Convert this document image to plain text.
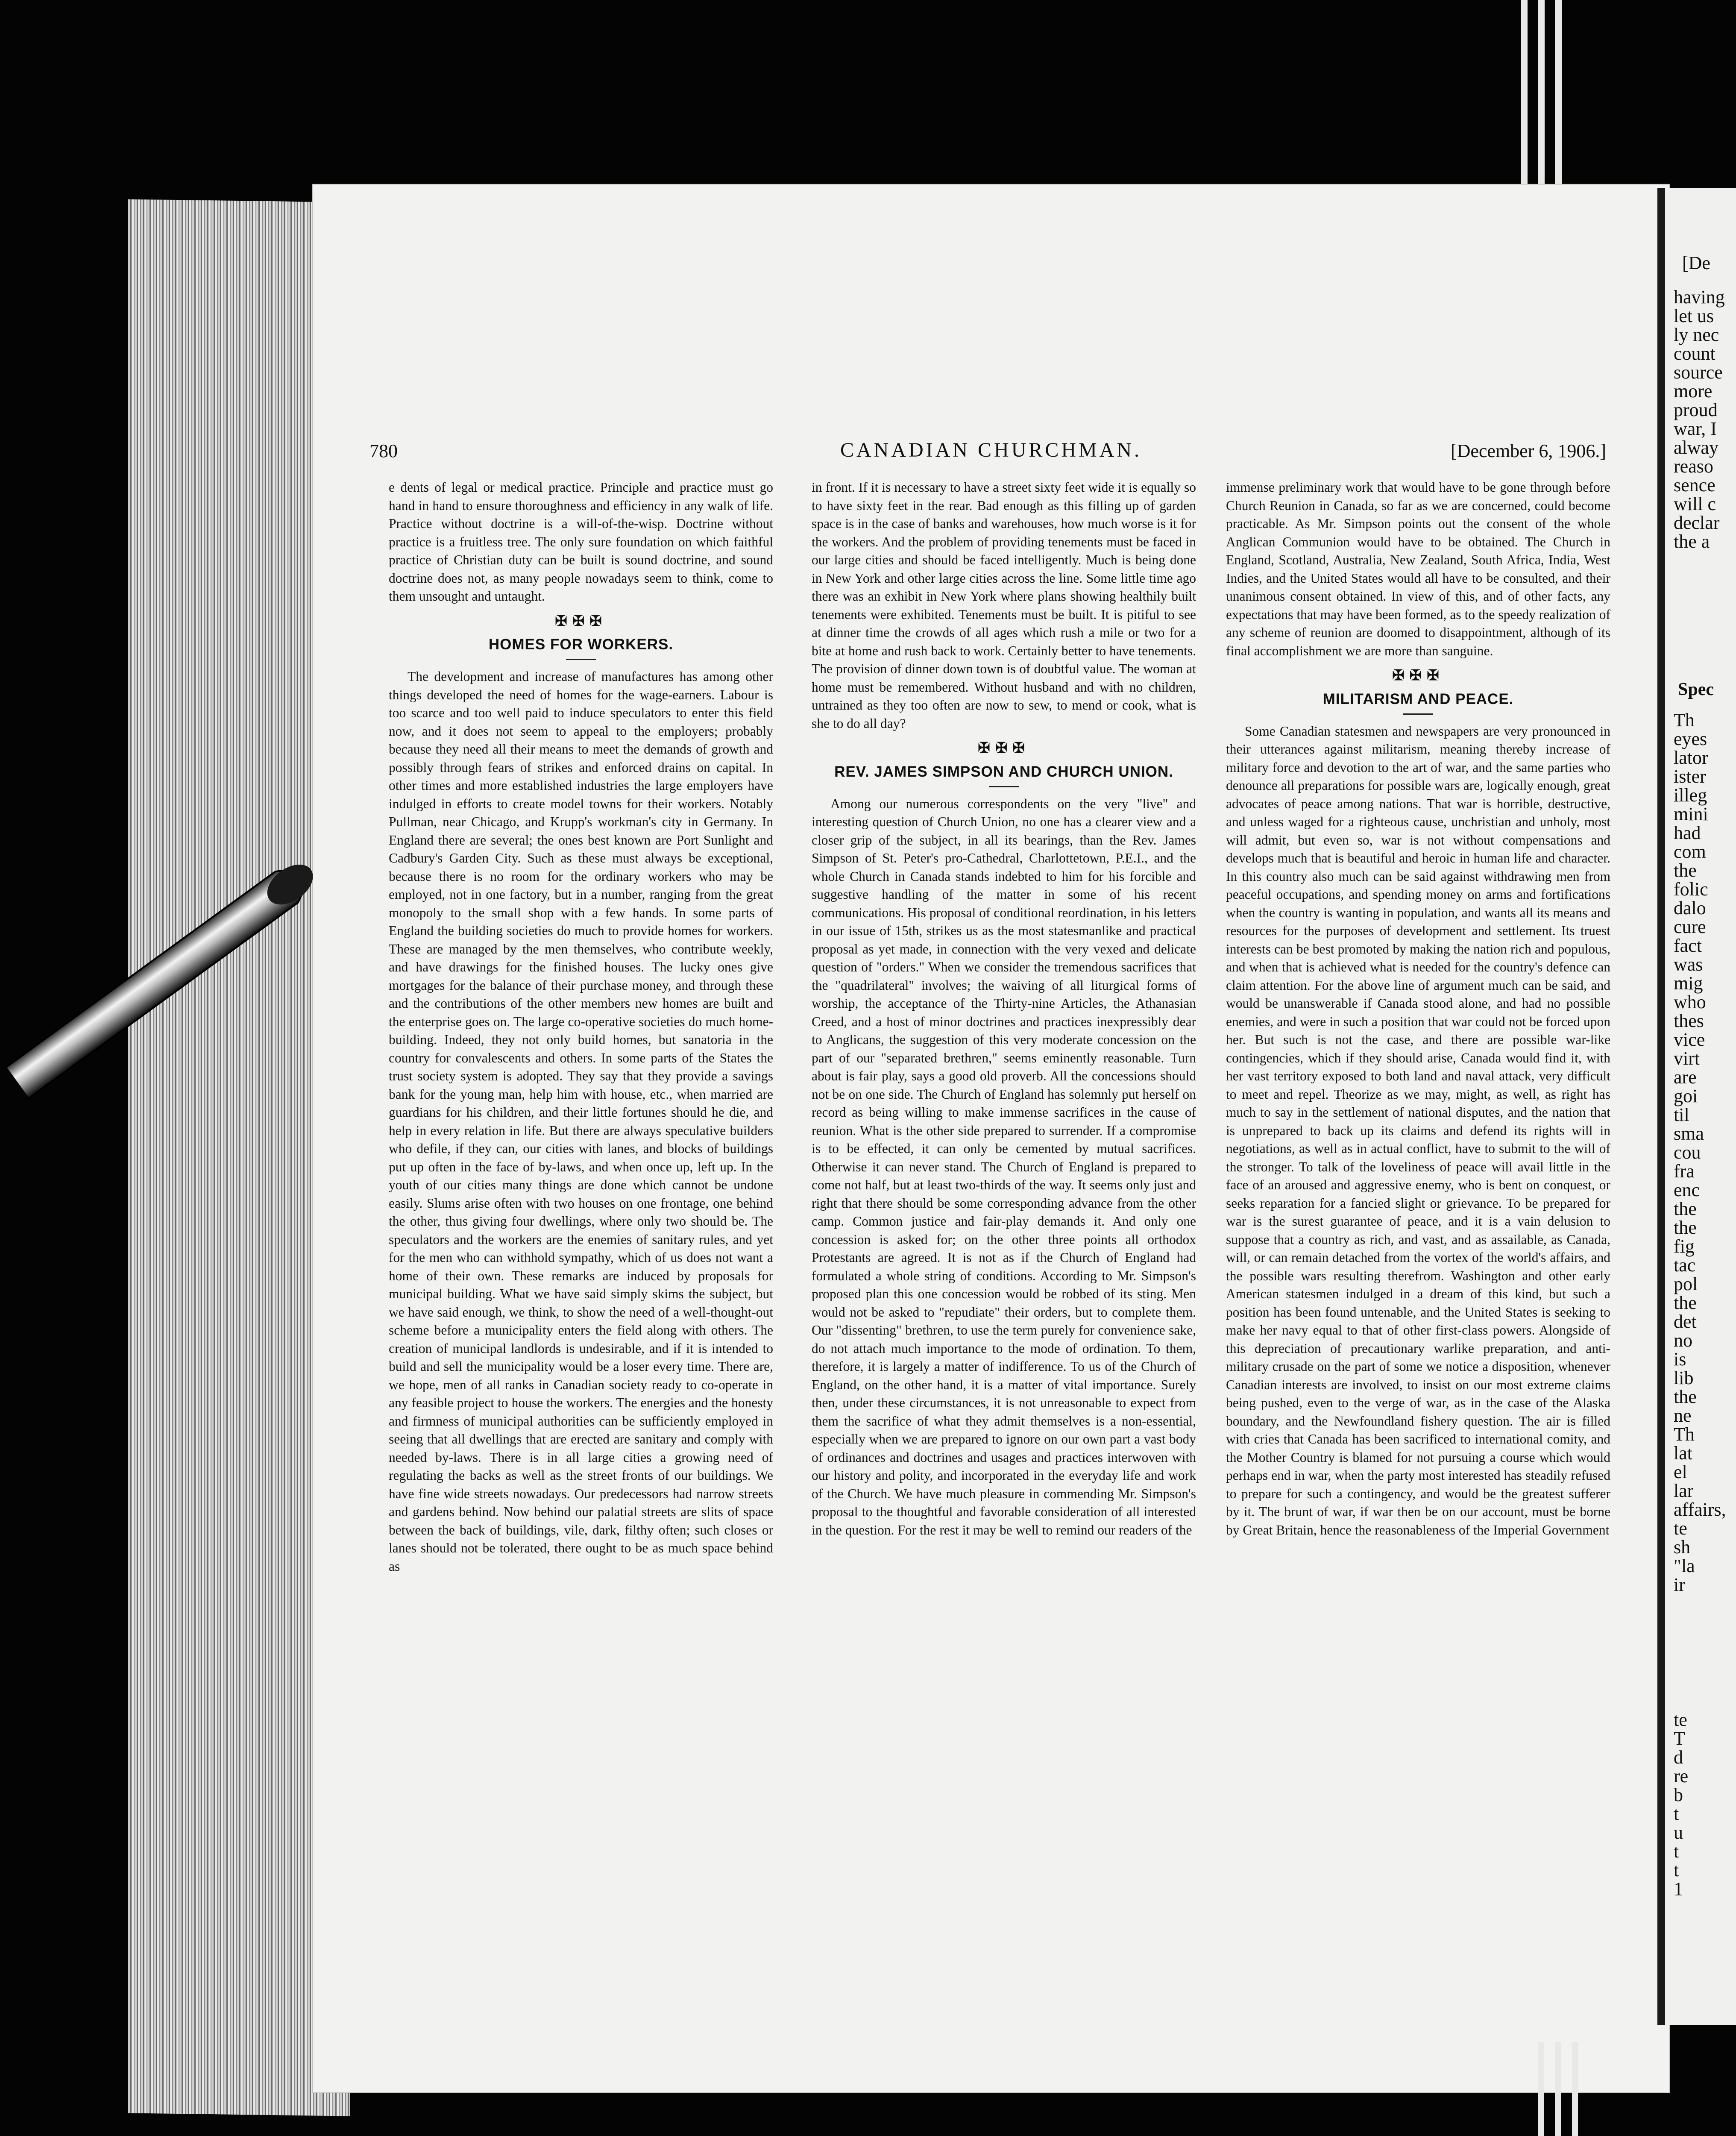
780	CANADIAN CHURCHMAN.	[December 6, 1906.]

e dents of legal or medical practice. Principle and practice must go hand in hand to ensure thoroughness and efficiency in any walk of life. Practice without doctrine is a will-of-the-wisp. Doctrine without practice is a fruitless tree. The only sure foundation on which faithful practice of Christian duty can be built is sound doctrine, and sound doctrine does not, as many people nowadays seem to think, come to them unsought and untaught.

✠✠✠
HOMES FOR WORKERS.

The development and increase of manufactures has among other things developed the need of homes for the wage-earners. Labour is too scarce and too well paid to induce speculators to enter this field now, and it does not seem to appeal to the employers; probably because they need all their means to meet the demands of growth and possibly through fears of strikes and enforced drains on capital. In other times and more established industries the large employers have indulged in efforts to create model towns for their workers. Notably Pullman, near Chicago, and Krupp's workman's city in Germany. In England there are several; the ones best known are Port Sunlight and Cadbury's Garden City. Such as these must always be exceptional, because there is no room for the ordinary workers who may be employed, not in one factory, but in a number, ranging from the great monopoly to the small shop with a few hands. In some parts of England the building societies do much to provide homes for workers. These are managed by the men themselves, who contribute weekly, and have drawings for the finished houses. The lucky ones give mortgages for the balance of their purchase money, and through these and the contributions of the other members new homes are built and the enterprise goes on. The large co-operative societies do much home-building. Indeed, they not only build homes, but sanatoria in the country for convalescents and others. In some parts of the States the trust society system is adopted. They say that they provide a savings bank for the young man, help him with house, etc., when married are guardians for his children, and their little fortunes should he die, and help in every relation in life. But there are always speculative builders who defile, if they can, our cities with lanes, and blocks of buildings put up often in the face of by-laws, and when once up, left up. In the youth of our cities many things are done which cannot be undone easily. Slums arise often with two houses on one frontage, one behind the other, thus giving four dwellings, where only two should be. The speculators and the workers are the enemies of sanitary rules, and yet for the men who can withhold sympathy, which of us does not want a home of their own. These remarks are induced by proposals for municipal building. What we have said simply skims the subject, but we have said enough, we think, to show the need of a well-thought-out scheme before a municipality enters the field along with others. The creation of municipal landlords is undesirable, and if it is intended to build and sell the municipality would be a loser every time. There are, we hope, men of all ranks in Canadian society ready to co-operate in any feasible project to house the workers. The energies and the honesty and firmness of municipal authorities can be sufficiently employed in seeing that all dwellings that are erected are sanitary and comply with needed by-laws. There is in all large cities a growing need of regulating the backs as well as the street fronts of our buildings. We have fine wide streets nowadays. Our predecessors had narrow streets and gardens behind. Now behind our palatial streets are slits of space between the back of buildings, vile, dark, filthy often; such closes or lanes should not be tolerated, there ought to be as much space behind as

in front. If it is necessary to have a street sixty feet wide it is equally so to have sixty feet in the rear. Bad enough as this filling up of garden space is in the case of banks and warehouses, how much worse is it for the workers. And the problem of providing tenements must be faced in our large cities and should be faced intelligently. Much is being done in New York and other large cities across the line. Some little time ago there was an exhibit in New York where plans showing healthily built tenements were exhibited. Tenements must be built. It is pitiful to see at dinner time the crowds of all ages which rush a mile or two for a bite at home and rush back to work. Certainly better to have tenements. The provision of dinner down town is of doubtful value. The woman at home must be remembered. Without husband and with no children, untrained as they too often are now to sew, to mend or cook, what is she to do all day?

✠✠✠
REV. JAMES SIMPSON AND CHURCH UNION.

Among our numerous correspondents on the very "live" and interesting question of Church Union, no one has a clearer view and a closer grip of the subject, in all its bearings, than the Rev. James Simpson of St. Peter's pro-Cathedral, Charlottetown, P.E.I., and the whole Church in Canada stands indebted to him for his forcible and suggestive handling of the matter in some of his recent communications. His proposal of conditional reordination, in his letters in our issue of 15th, strikes us as the most statesmanlike and practical proposal as yet made, in connection with the very vexed and delicate question of "orders." When we consider the tremendous sacrifices that the "quadrilateral" involves; the waiving of all liturgical forms of worship, the acceptance of the Thirty-nine Articles, the Athanasian Creed, and a host of minor doctrines and practices inexpressibly dear to Anglicans, the suggestion of this very moderate concession on the part of our "separated brethren," seems eminently reasonable. Turn about is fair play, says a good old proverb. All the concessions should not be on one side. The Church of England has solemnly put herself on record as being willing to make immense sacrifices in the cause of reunion. What is the other side prepared to surrender. If a compromise is to be effected, it can only be cemented by mutual sacrifices. Otherwise it can never stand. The Church of England is prepared to come not half, but at least two-thirds of the way. It seems only just and right that there should be some corresponding advance from the other camp. Common justice and fair-play demands it. And only one concession is asked for; on the other three points all orthodox Protestants are agreed. It is not as if the Church of England had formulated a whole string of conditions. According to Mr. Simpson's proposed plan this one concession would be robbed of its sting. Men would not be asked to "repudiate" their orders, but to complete them. Our "dissenting" brethren, to use the term purely for convenience sake, do not attach much importance to the mode of ordination. To them, therefore, it is largely a matter of indifference. To us of the Church of England, on the other hand, it is a matter of vital importance. Surely then, under these circumstances, it is not unreasonable to expect from them the sacrifice of what they admit themselves is a non-essential, especially when we are prepared to ignore on our own part a vast body of ordinances and doctrines and usages and practices interwoven with our history and polity, and incorporated in the everyday life and work of the Church. We have much pleasure in commending Mr. Simpson's proposal to the thoughtful and favorable consideration of all interested in the question. For the rest it may be well to remind our readers of the

immense preliminary work that would have to be gone through before Church Reunion in Canada, so far as we are concerned, could become practicable. As Mr. Simpson points out the consent of the whole Anglican Communion would have to be obtained. The Church in England, Scotland, Australia, New Zealand, South Africa, India, West Indies, and the United States would all have to be consulted, and their unanimous consent obtained. In view of this, and of other facts, any expectations that may have been formed, as to the speedy realization of any scheme of reunion are doomed to disappointment, although of its final accomplishment we are more than sanguine.

✠✠✠
MILITARISM AND PEACE.

Some Canadian statesmen and newspapers are very pronounced in their utterances against militarism, meaning thereby increase of military force and devotion to the art of war, and the same parties who denounce all preparations for possible wars are, logically enough, great advocates of peace among nations. That war is horrible, destructive, and unless waged for a righteous cause, unchristian and unholy, most will admit, but even so, war is not without compensations and develops much that is beautiful and heroic in human life and character. In this country also much can be said against withdrawing men from peaceful occupations, and spending money on arms and fortifications when the country is wanting in population, and wants all its means and resources for the purposes of development and settlement. Its truest interests can be best promoted by making the nation rich and populous, and when that is achieved what is needed for the country's defence can claim attention. For the above line of argument much can be said, and would be unanswerable if Canada stood alone, and had no possible enemies, and were in such a position that war could not be forced upon her. But such is not the case, and there are possible war-like contingencies, which if they should arise, Canada would find it, with her vast territory exposed to both land and naval attack, very difficult to meet and repel. Theorize as we may, might, as well, as right has much to say in the settlement of national disputes, and the nation that is unprepared to back up its claims and defend its rights will in negotiations, as well as in actual conflict, have to submit to the will of the stronger. To talk of the loveliness of peace will avail little in the face of an aroused and aggressive enemy, who is bent on conquest, or seeks reparation for a fancied slight or grievance. To be prepared for war is the surest guarantee of peace, and it is a vain delusion to suppose that a country as rich, and vast, and as assailable, as Canada, will, or can remain detached from the vortex of the world's affairs, and the possible wars resulting therefrom. Washington and other early American statesmen indulged in a dream of this kind, but such a position has been found untenable, and the United States is seeking to make her navy equal to that of other first-class powers. Alongside of this depreciation of precautionary warlike preparation, and anti-military crusade on the part of some we notice a disposition, whenever Canadian interests are involved, to insist on our most extreme claims being pushed, even to the verge of war, as in the case of the Alaska boundary, and the Newfoundland fishery question. The air is filled with cries that Canada has been sacrificed to international comity, and the Mother Country is blamed for not pursuing a course which would perhaps end in war, when the party most interested has steadily refused to prepare for such a contingency, and would be the greatest sufferer by it. The brunt of war, if war then be on our account, must be borne by Great Britain, hence the reasonableness of the Imperial Government

[De
having
let us
ly nec
count
source
more
proud
war, I
alway
reaso
sence
will c
declar
the a
Spec
Th
eyes
lator
ister
illeg
mini
had
com
the
folic
dalo
cure
fact
was
mig
who
thes
vice
virt
are
goi
til
sma
cou
fra
enc
the
the
fig
tac
pol
the
det
no
is
lib
the
ne
Th
lat
el
lar
affairs,
te
sh
"la
ir
te
T
d
re
b
t
u
t
t
1
